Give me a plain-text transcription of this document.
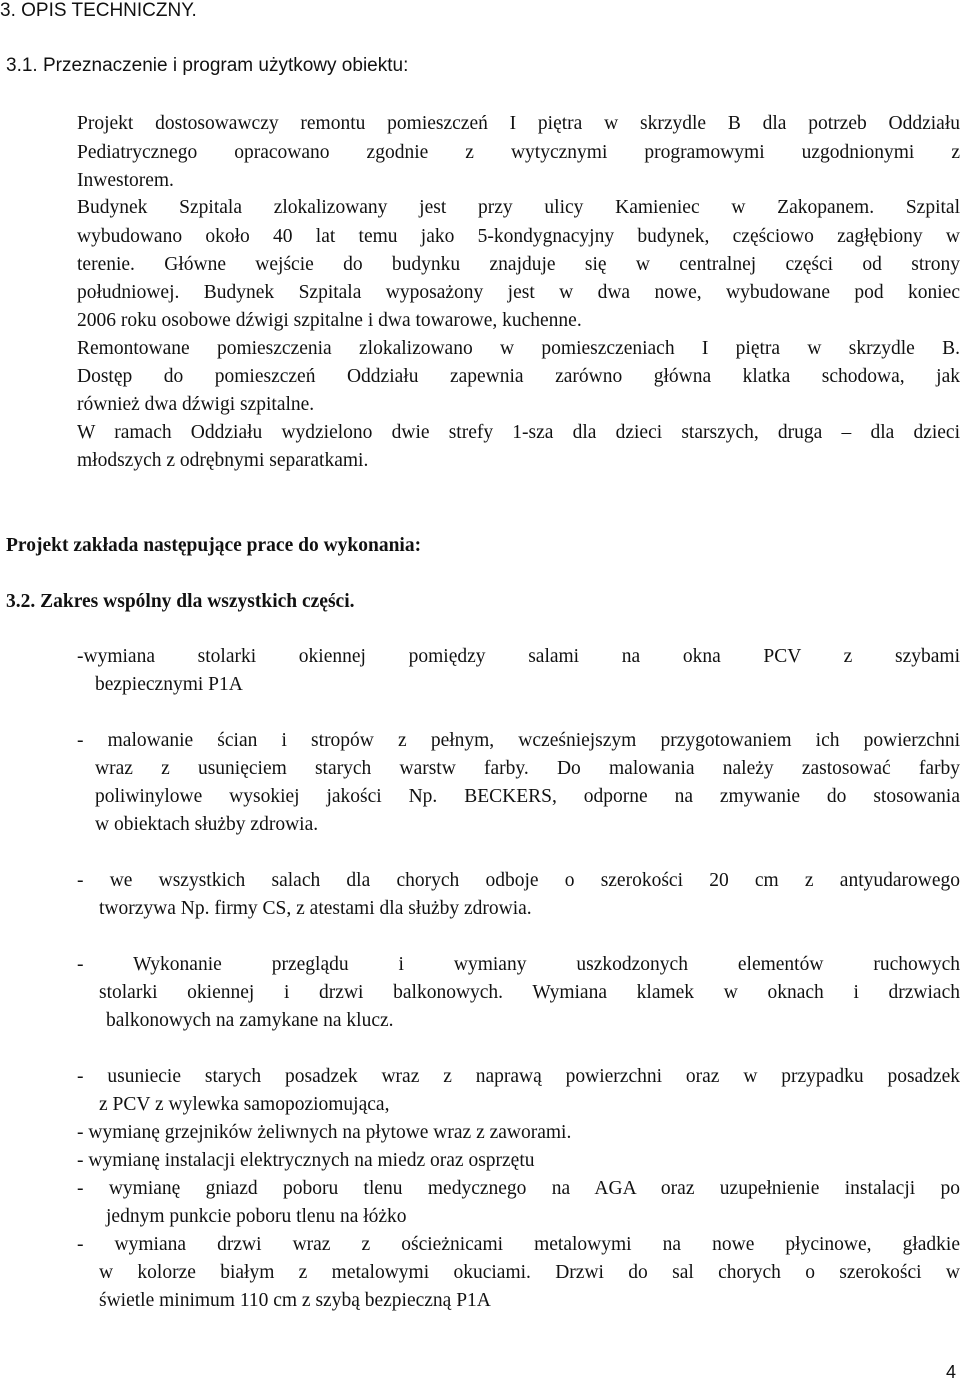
3. OPIS TECHNICZNY.
3.1. Przeznaczenie i program użytkowy obiektu:
Projekt dostosowawczy remontu pomieszczeń I piętra w skrzydle B dla potrzeb Oddziału
Pediatrycznego opracowano zgodnie z wytycznymi programowymi uzgodnionymi z
Inwestorem.
Budynek Szpitala zlokalizowany jest przy ulicy Kamieniec w Zakopanem. Szpital
wybudowano około 40 lat temu jako 5-kondygnacyjny budynek, częściowo zagłębiony w
terenie. Główne wejście do budynku znajduje się w centralnej części od strony
południowej. Budynek Szpitala wyposażony jest w dwa nowe, wybudowane pod koniec
2006 roku osobowe dźwigi szpitalne i dwa towarowe, kuchenne.
Remontowane pomieszczenia zlokalizowano w pomieszczeniach I piętra w skrzydle B.
Dostęp do pomieszczeń Oddziału zapewnia zarówno główna klatka schodowa, jak
również dwa dźwigi szpitalne.
W ramach Oddziału wydzielono dwie strefy 1-sza dla dzieci starszych, druga – dla dzieci
młodszych z odrębnymi separatkami.
Projekt zakłada następujące prace do wykonania:
3.2. Zakres wspólny dla wszystkich części.
-wymiana stolarki okiennej pomiędzy salami na okna PCV z szybami
bezpiecznymi P1A
- malowanie ścian i stropów z pełnym, wcześniejszym przygotowaniem ich powierzchni
wraz z usunięciem starych warstw farby. Do malowania należy zastosować farby
poliwinylowe wysokiej jakości Np. BECKERS, odporne na zmywanie do stosowania
w obiektach służby zdrowia.
- we wszystkich salach dla chorych odboje o szerokości 20 cm z antyudarowego
tworzywa Np. firmy CS, z atestami dla służby zdrowia.
- Wykonanie przeglądu i wymiany uszkodzonych elementów ruchowych
stolarki okiennej i drzwi balkonowych. Wymiana klamek w oknach i drzwiach
balkonowych na zamykane na klucz.
- usuniecie starych posadzek wraz z naprawą powierzchni oraz w przypadku posadzek
z PCV z wylewka samopoziomująca,
- wymianę grzejników żeliwnych na płytowe wraz z zaworami.
- wymianę instalacji elektrycznych na miedz oraz osprzętu
- wymianę gniazd poboru tlenu medycznego na AGA oraz uzupełnienie instalacji po
jednym punkcie poboru tlenu na łóżko
- wymiana drzwi wraz z ościeżnicami metalowymi na nowe płycinowe, gładkie
w kolorze białym z metalowymi okuciami. Drzwi do sal chorych o szerokości w
świetle minimum 110 cm z szybą bezpieczną P1A
4
